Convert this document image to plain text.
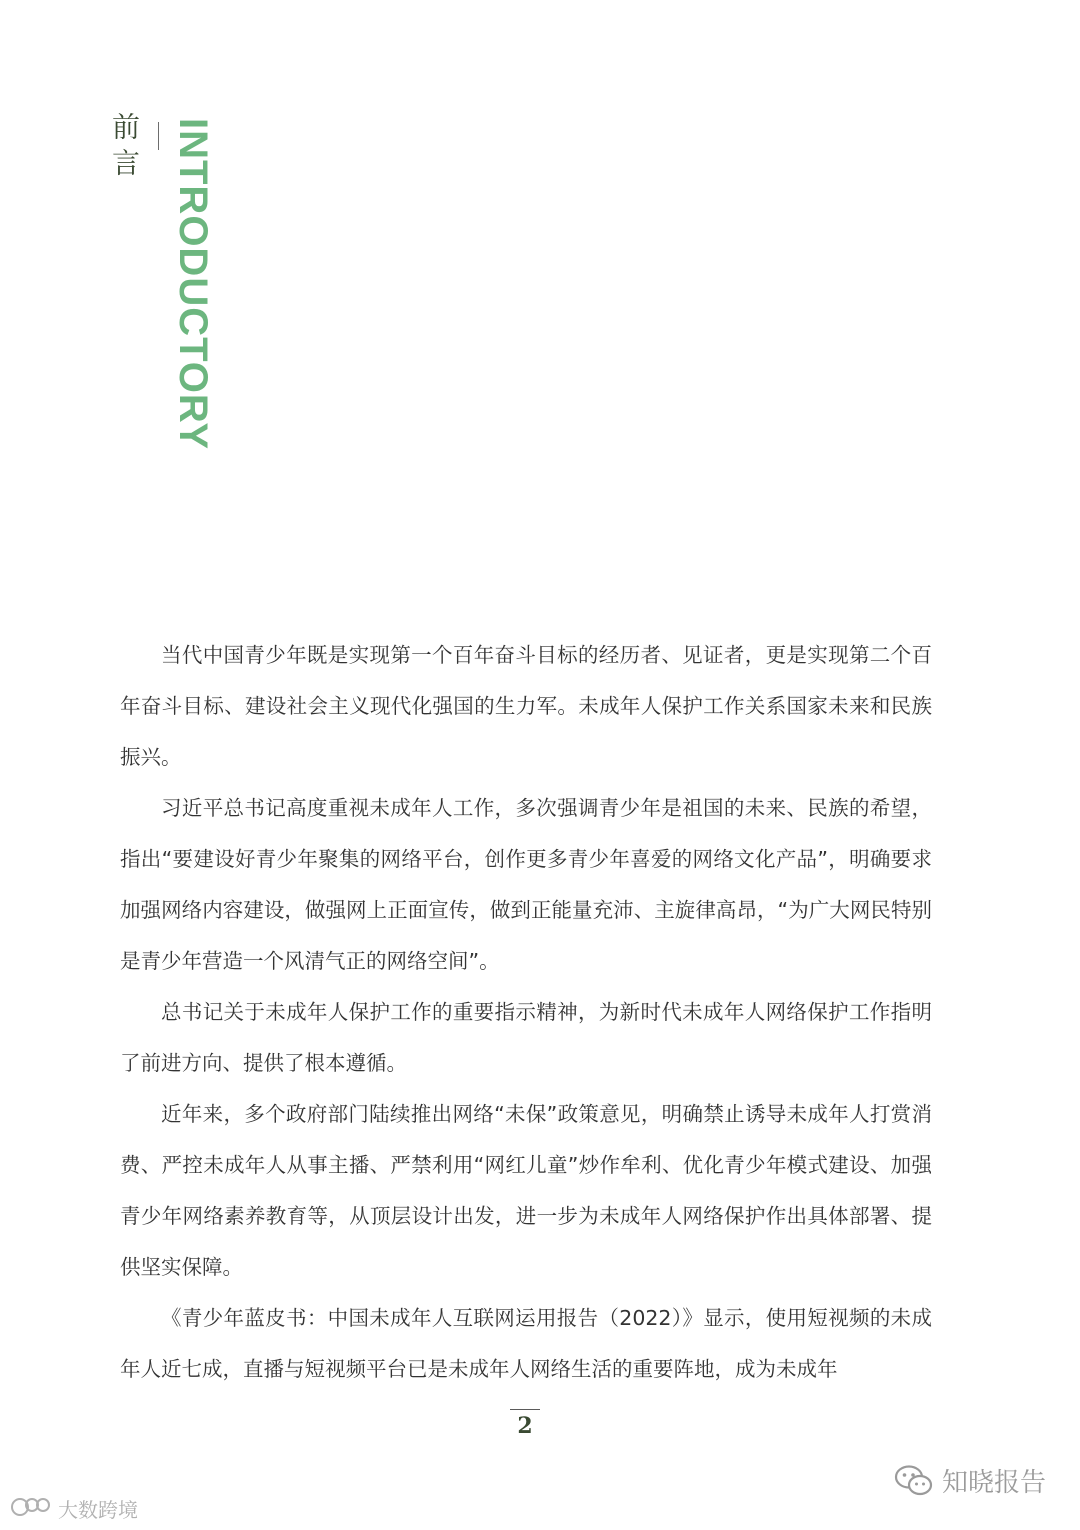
前言 INTRODUCTORY

当代中国青少年既是实现第一个百年奋斗目标的经历者、见证者，更是实现第二个百年奋斗目标、建设社会主义现代化强国的生力军。未成年人保护工作关系国家未来和民族振兴。

习近平总书记高度重视未成年人工作，多次强调青少年是祖国的未来、民族的希望，指出“要建设好青少年聚集的网络平台，创作更多青少年喜爱的网络文化产品”，明确要求加强网络内容建设，做强网上正面宣传，做到正能量充沛、主旋律高昂，“为广大网民特别是青少年营造一个风清气正的网络空间”。

总书记关于未成年人保护工作的重要指示精神，为新时代未成年人网络保护工作指明了前进方向、提供了根本遵循。

近年来，多个政府部门陆续推出网络“未保”政策意见，明确禁止诱导未成年人打赏消费、严控未成年人从事主播、严禁利用“网红儿童”炒作牟利、优化青少年模式建设、加强青少年网络素养教育等，从顶层设计出发，进一步为未成年人网络保护作出具体部署、提供坚实保障。

《青少年蓝皮书：中国未成年人互联网运用报告（2022）》显示，使用短视频的未成年人近七成，直播与短视频平台已是未成年人网络生活的重要阵地，成为未成年

2
知晓报告
大数跨境
